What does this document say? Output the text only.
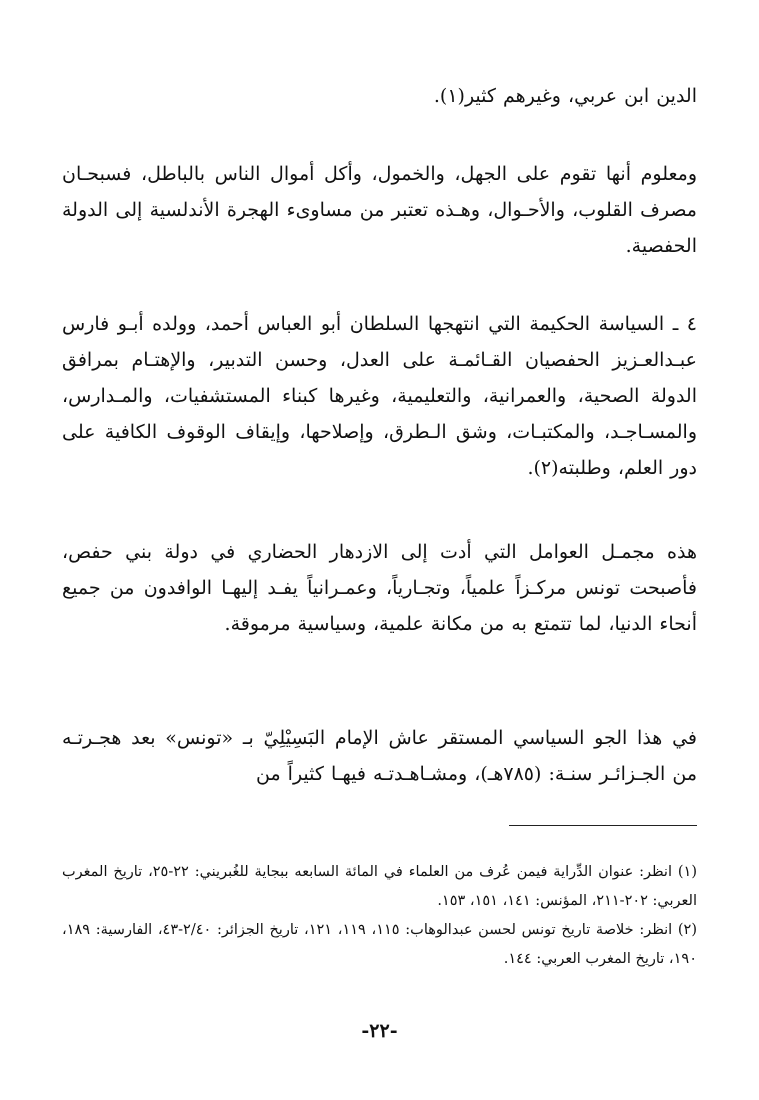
الدين ابن عربي، وغيرهم كثير(١).

ومعلوم أنها تقوم على الجهل، والخمول، وأكل أموال الناس بالباطل، فسبحـان مصرف القلوب، والأحـوال، وهـذه تعتبر من مساوىء الهجرة الأندلسية إلى الدولة الحفصية.

٤ ـ السياسة الحكيمة التي انتهجها السلطان أبو العباس أحمد، وولده أبـو فارس عبـدالعـزيز الحفصيان القـائمـة على العدل، وحسن التدبير، والإهتـام بمرافق الدولة الصحية، والعمرانية، والتعليمية، وغيرها كبناء المستشفيات، والمـدارس، والمسـاجـد، والمكتبـات، وشق الـطرق، وإصلاحها، وإيقاف الوقوف الكافية على دور العلم، وطلبته(٢).

هذه مجمـل العوامل التي أدت إلى الازدهار الحضاري في دولة بني حفص، فأصبحت تونس مركـزاً علمياً، وتجـارياً، وعمـرانياً يفـد إليهـا الوافدون من جميع أنحاء الدنيا، لما تتمتع به من مكانة علمية، وسياسية مرموقة.

في هذا الجو السياسي المستقر عاش الإمام البَسِيْلِيّ بـ «تونس» بعد هجـرتـه من الجـزائـر سنـة: (٧٨٥هـ)، ومشـاهـدتـه فيهـا كثيراً من

(١) انظر: عنوان الدِّراية فيمن عُرف من العلماء في المائة السابعه ببجاية للغُبريني: ٢٢-٢٥، تاريخ المغرب العربي: ٢٠٢-٢١١، المؤنس: ١٤١، ١٥١، ١٥٣.

(٢) انظر: خلاصة تاريخ تونس لحسن عبدالوهاب: ١١٥، ١١٩، ١٢١، تاريخ الجزائر: ٢/٤٠-٤٣، الفارسية: ١٨٩، ١٩٠، تاريخ المغرب العربي: ١٤٤.

-٢٢-
